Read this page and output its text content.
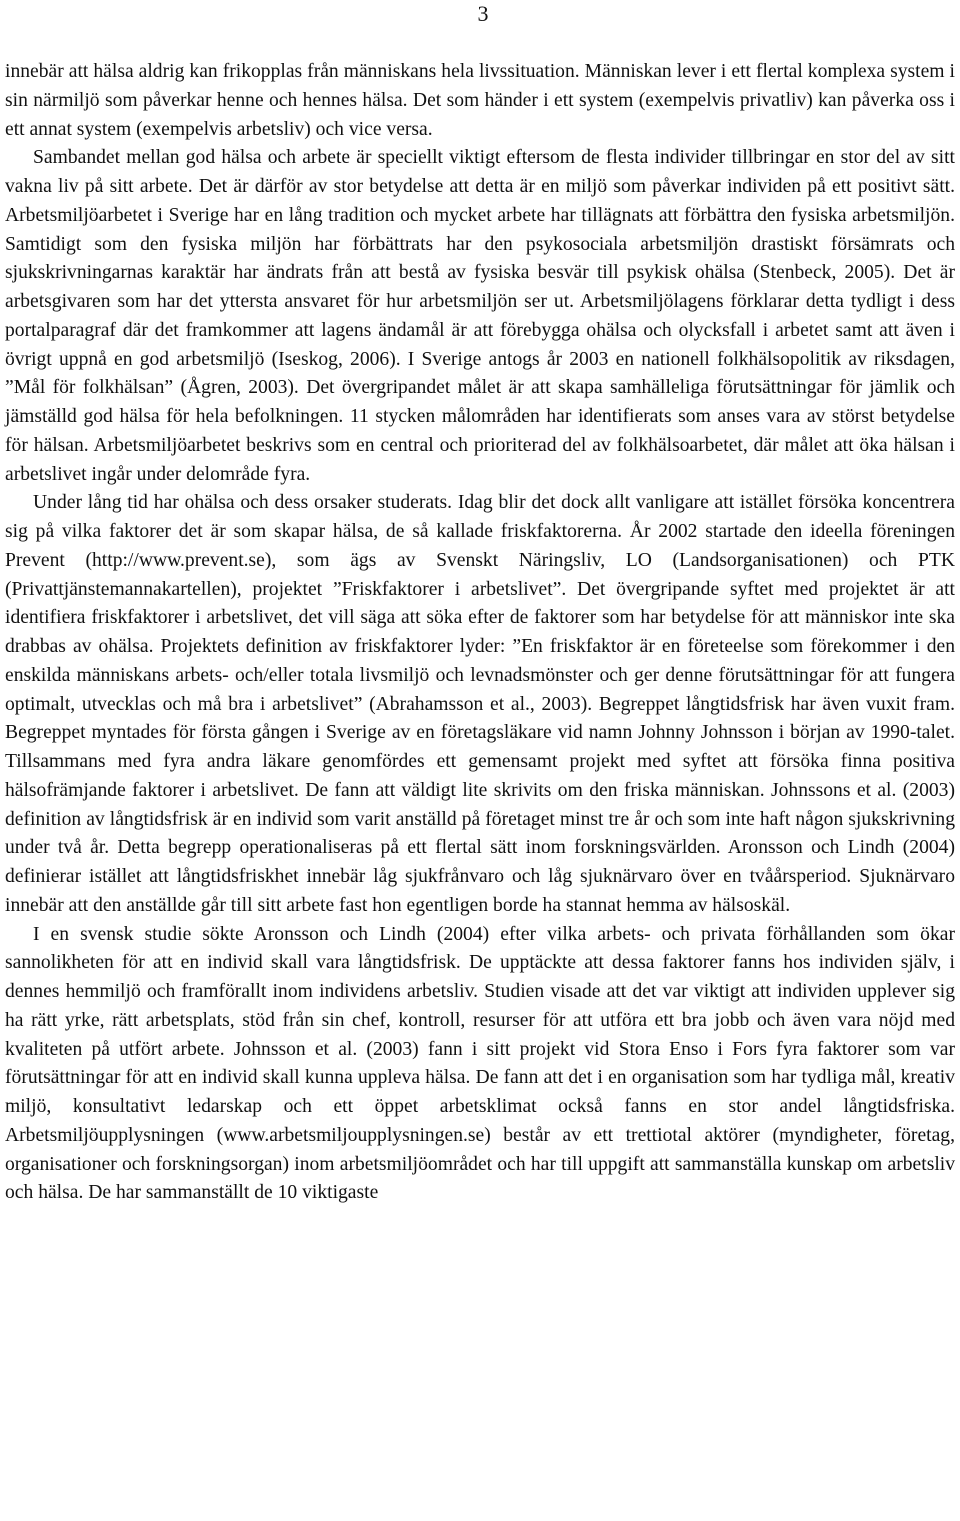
3

innebär att hälsa aldrig kan frikopplas från människans hela livssituation. Människan lever i ett flertal komplexa system i sin närmiljö som påverkar henne och hennes hälsa. Det som händer i ett system (exempelvis privatliv) kan påverka oss i ett annat system (exempelvis arbetsliv) och vice versa.

Sambandet mellan god hälsa och arbete är speciellt viktigt eftersom de flesta individer tillbringar en stor del av sitt vakna liv på sitt arbete. Det är därför av stor betydelse att detta är en miljö som påverkar individen på ett positivt sätt. Arbetsmiljöarbetet i Sverige har en lång tradition och mycket arbete har tillägnats att förbättra den fysiska arbetsmiljön. Samtidigt som den fysiska miljön har förbättrats har den psykosociala arbetsmiljön drastiskt försämrats och sjukskrivningarnas karaktär har ändrats från att bestå av fysiska besvär till psykisk ohälsa (Stenbeck, 2005). Det är arbetsgivaren som har det yttersta ansvaret för hur arbetsmiljön ser ut. Arbetsmiljölagens förklarar detta tydligt i dess portalparagraf där det framkommer att lagens ändamål är att förebygga ohälsa och olycksfall i arbetet samt att även i övrigt uppnå en god arbetsmiljö (Iseskog, 2006). I Sverige antogs år 2003 en nationell folkhälsopolitik av riksdagen, ”Mål för folkhälsan” (Ågren, 2003). Det övergripandet målet är att skapa samhälleliga förutsättningar för jämlik och jämställd god hälsa för hela befolkningen. 11 stycken målområden har identifierats som anses vara av störst betydelse för hälsan. Arbetsmiljöarbetet beskrivs som en central och prioriterad del av folkhälsoarbetet, där målet att öka hälsan i arbetslivet ingår under delområde fyra.

Under lång tid har ohälsa och dess orsaker studerats. Idag blir det dock allt vanligare att istället försöka koncentrera sig på vilka faktorer det är som skapar hälsa, de så kallade friskfaktorerna. År 2002 startade den ideella föreningen Prevent (http://www.prevent.se), som ägs av Svenskt Näringsliv, LO (Landsorganisationen) och PTK (Privattjänstemannakartellen), projektet ”Friskfaktorer i arbetslivet”. Det övergripande syftet med projektet är att identifiera friskfaktorer i arbetslivet, det vill säga att söka efter de faktorer som har betydelse för att människor inte ska drabbas av ohälsa. Projektets definition av friskfaktorer lyder: ”En friskfaktor är en företeelse som förekommer i den enskilda människans arbets- och/eller totala livsmiljö och levnadsmönster och ger denne förutsättningar för att fungera optimalt, utvecklas och må bra i arbetslivet” (Abrahamsson et al., 2003). Begreppet långtidsfrisk har även vuxit fram. Begreppet myntades för första gången i Sverige av en företagsläkare vid namn Johnny Johnsson i början av 1990-talet. Tillsammans med fyra andra läkare genomfördes ett gemensamt projekt med syftet att försöka finna positiva hälsofrämjande faktorer i arbetslivet. De fann att väldigt lite skrivits om den friska människan. Johnssons et al. (2003) definition av långtidsfrisk är en individ som varit anställd på företaget minst tre år och som inte haft någon sjukskrivning under två år. Detta begrepp operationaliseras på ett flertal sätt inom forskningsvärlden. Aronsson och Lindh (2004) definierar istället att långtidsfriskhet innebär låg sjukfrånvaro och låg sjuknärvaro över en tvåårsperiod. Sjuknärvaro innebär att den anställde går till sitt arbete fast hon egentligen borde ha stannat hemma av hälsoskäl.

I en svensk studie sökte Aronsson och Lindh (2004) efter vilka arbets- och privata förhållanden som ökar sannolikheten för att en individ skall vara långtidsfrisk. De upptäckte att dessa faktorer fanns hos individen själv, i dennes hemmiljö och framförallt inom individens arbetsliv. Studien visade att det var viktigt att individen upplever sig ha rätt yrke, rätt arbetsplats, stöd från sin chef, kontroll, resurser för att utföra ett bra jobb och även vara nöjd med kvaliteten på utfört arbete. Johnsson et al. (2003) fann i sitt projekt vid Stora Enso i Fors fyra faktorer som var förutsättningar för att en individ skall kunna uppleva hälsa. De fann att det i en organisation som har tydliga mål, kreativ miljö, konsultativt ledarskap och ett öppet arbetsklimat också fanns en stor andel långtidsfriska. Arbetsmiljöupplysningen (www.arbetsmiljoupplysningen.se) består av ett trettiotal aktörer (myndigheter, företag, organisationer och forskningsorgan) inom arbetsmiljöområdet och har till uppgift att sammanställa kunskap om arbetsliv och hälsa. De har sammanställt de 10 viktigaste
